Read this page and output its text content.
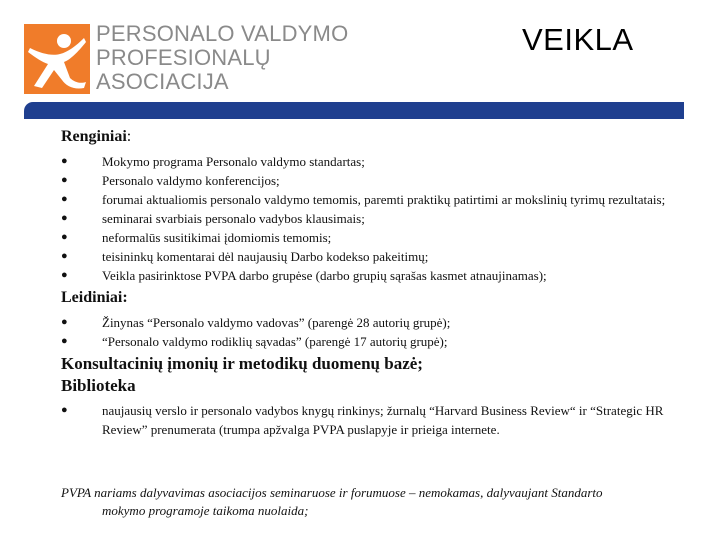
PERSONALO VALDYMO
PROFESIONALŲ
ASOCIACIJA
VEIKLA

Renginiai:

●	Mokymo programa Personalo valdymo standartas;
●	Personalo valdymo konferencijos;
●	forumai aktualiomis personalo valdymo temomis, paremti praktikų patirtimi ar mokslinių tyrimų rezultatais;
●	seminarai svarbiais personalo vadybos klausimais;
●	neformalūs susitikimai įdomiomis temomis;
●	teisininkų komentarai dėl naujausių Darbo kodekso pakeitimų;
●	Veikla pasirinktose PVPA darbo grupėse (darbo grupių sąrašas kasmet atnaujinamas);

Leidiniai:

●	Žinynas “Personalo valdymo vadovas” (parengė 28 autorių grupė);
●	“Personalo valdymo rodiklių sąvadas” (parengė 17 autorių grupė);

Konsultacinių įmonių ir metodikų duomenų bazė;

Biblioteka

●	naujausių verslo ir personalo vadybos knygų rinkinys; žurnalų “Harvard Business Review“ ir “Strategic HR Review” prenumerata (trumpa apžvalga PVPA puslapyje ir prieiga internete.
PVPA nariams dalyvavimas asociacijos seminaruose ir forumuose – nemokamas, dalyvaujant Standarto
mokymo programoje taikoma nuolaida;
